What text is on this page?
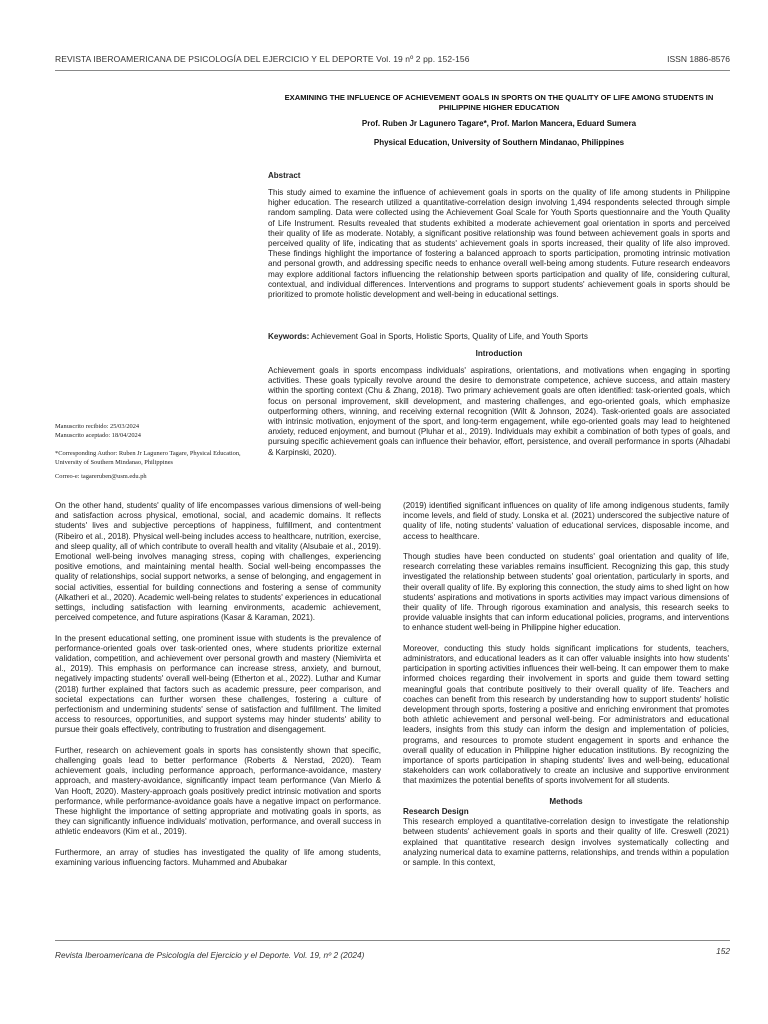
REVISTA IBEROAMERICANA DE PSICOLOGÍA DEL EJERCICIO Y EL DEPORTE Vol. 19 nº 2 pp. 152-156	ISSN 1886-8576
EXAMINING THE INFLUENCE OF ACHIEVEMENT GOALS IN SPORTS ON THE QUALITY OF LIFE AMONG STUDENTS IN PHILIPPINE HIGHER EDUCATION
Prof. Ruben Jr Lagunero Tagare*, Prof. Marlon Mancera, Eduard Sumera
Physical Education, University of Southern Mindanao, Philippines
Abstract

This study aimed to examine the influence of achievement goals in sports on the quality of life among students in Philippine higher education. The research utilized a quantitative-correlation design involving 1,494 respondents selected through simple random sampling. Data were collected using the Achievement Goal Scale for Youth Sports questionnaire and the Youth Quality of Life Instrument. Results revealed that students exhibited a moderate achievement goal orientation in sports and perceived their quality of life as moderate. Notably, a significant positive relationship was found between achievement goals in sports and perceived quality of life, indicating that as students' achievement goals in sports increased, their quality of life also improved. These findings highlight the importance of fostering a balanced approach to sports participation, promoting intrinsic motivation and personal growth, and addressing specific needs to enhance overall well-being among students. Future research endeavors may explore additional factors influencing the relationship between sports participation and quality of life, considering cultural, contextual, and individual differences. Interventions and programs to support students' achievement goals in sports should be prioritized to promote holistic development and well-being in educational settings.

Keywords: Achievement Goal in Sports, Holistic Sports, Quality of Life, and Youth Sports
Introduction

Achievement goals in sports encompass individuals' aspirations, orientations, and motivations when engaging in sporting activities. These goals typically revolve around the desire to demonstrate competence, achieve success, and attain mastery within the sporting context (Chu & Zhang, 2018). Two primary achievement goals are often identified: task-oriented goals, which focus on personal improvement, skill development, and mastering challenges, and ego-oriented goals, which emphasize outperforming others, winning, and receiving external recognition (Wilt & Johnson, 2024). Task-oriented goals are associated with intrinsic motivation, enjoyment of the sport, and long-term engagement, while ego-oriented goals may lead to heightened anxiety, reduced enjoyment, and burnout (Pluhar et al., 2019). Individuals may exhibit a combination of both types of goals, and pursuing specific achievement goals can influence their behavior, effort, persistence, and overall performance in sports (Alhadabi & Karpinski, 2020).

Manuscrito recibido: 25/03/2024
Manuscrito aceptado: 18/04/2024
*Corresponding Author: Ruben Jr Lagunero Tagare, Physical Education, University of Southern Mindanao, Philippines
Correo-e: tagareruben@usm.edu.ph

On the other hand, students' quality of life encompasses various dimensions of well-being and satisfaction across physical, emotional, social, and academic domains. It reflects students' lives and subjective perceptions of happiness, fulfillment, and contentment (Ribeiro et al., 2018). Physical well-being includes access to healthcare, nutrition, exercise, and sleep quality, all of which contribute to overall health and vitality (Alsubaie et al., 2019). Emotional well-being involves managing stress, coping with challenges, experiencing positive emotions, and maintaining mental health. Social well-being encompasses the quality of relationships, social support networks, a sense of belonging, and engagement in social activities, essential for building connections and fostering a sense of community (Alkatheri et al., 2020). Academic well-being relates to students' experiences in educational settings, including satisfaction with learning environments, academic achievement, perceived competence, and future aspirations (Kasar & Karaman, 2021).

In the present educational setting, one prominent issue with students is the prevalence of performance-oriented goals over task-oriented ones, where students prioritize external validation, competition, and achievement over personal growth and mastery (Niemivirta et al., 2019). This emphasis on performance can increase stress, anxiety, and burnout, negatively impacting students' overall well-being (Etherton et al., 2022). Luthar and Kumar (2018) further explained that factors such as academic pressure, peer comparison, and societal expectations can further worsen these challenges, fostering a culture of perfectionism and undermining students' sense of satisfaction and fulfillment. The limited access to resources, opportunities, and support systems may hinder students' ability to pursue their goals effectively, contributing to frustration and disengagement.

Further, research on achievement goals in sports has consistently shown that specific, challenging goals lead to better performance (Roberts & Nerstad, 2020). Team achievement goals, including performance approach, performance-avoidance, mastery approach, and mastery-avoidance, significantly impact team performance (Van Mierlo & Van Hooft, 2020). Mastery-approach goals positively predict intrinsic motivation and sports performance, while performance-avoidance goals have a negative impact on performance. These highlight the importance of setting appropriate and motivating goals in sports, as they can significantly influence individuals' motivation, performance, and overall success in athletic endeavors (Kim et al., 2019).

Furthermore, an array of studies has investigated the quality of life among students, examining various influencing factors. Muhammed and Abubakar

(2019) identified significant influences on quality of life among indigenous students, family income levels, and field of study. Lonska et al. (2021) underscored the subjective nature of quality of life, noting students' valuation of educational services, disposable income, and access to healthcare.

Though studies have been conducted on students' goal orientation and quality of life, research correlating these variables remains insufficient. Recognizing this gap, this study investigated the relationship between students' goal orientation, particularly in sports, and their overall quality of life. By exploring this connection, the study aims to shed light on how students' aspirations and motivations in sports activities may impact various dimensions of their quality of life. Through rigorous examination and analysis, this research seeks to provide valuable insights that can inform educational policies, programs, and interventions to enhance student well-being in Philippine higher education.

Moreover, conducting this study holds significant implications for students, teachers, administrators, and educational leaders as it can offer valuable insights into how students' participation in sporting activities influences their well-being. It can empower them to make informed choices regarding their involvement in sports and guide them toward setting meaningful goals that contribute positively to their overall quality of life. Teachers and coaches can benefit from this research by understanding how to support students' holistic development through sports, fostering a positive and enriching environment that promotes both athletic achievement and personal well-being. For administrators and educational leaders, insights from this study can inform the design and implementation of policies, programs, and resources to promote student engagement in sports and enhance the overall quality of education in Philippine higher education institutions. By recognizing the importance of sports participation in shaping students' lives and well-being, educational stakeholders can work collaboratively to create an inclusive and supportive environment that maximizes the potential benefits of sports involvement for all students.

Methods

Research Design

This research employed a quantitative-correlation design to investigate the relationship between students' achievement goals in sports and their quality of life. Creswell (2021) explained that quantitative research design involves systematically collecting and analyzing numerical data to examine patterns, relationships, and trends within a population or sample. In this context,

Revista Iberoamericana de Psicología del Ejercicio y el Deporte. Vol. 19, nº 2 (2024)	152
